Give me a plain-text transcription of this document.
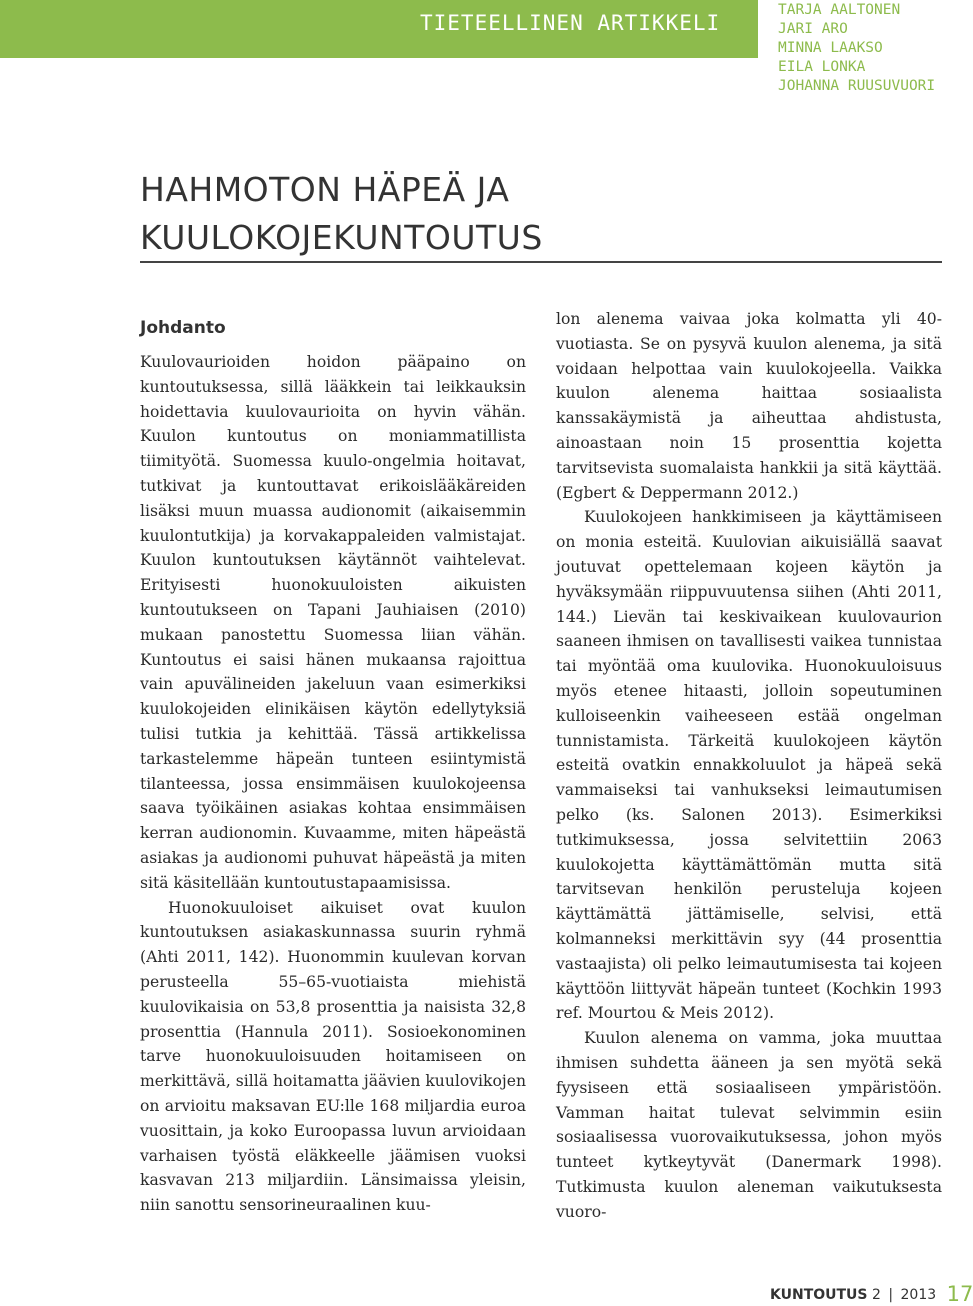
TIETEELLINEN ARTIKKELI
TARJA AALTONEN
JARI ARO
MINNA LAAKSO
EILA LONKA
JOHANNA RUUSUVUORI
HAHMOTON HÄPEÄ JA
KUULOKOJEKUNTOUTUS
Johdanto

Kuulovaurioiden hoidon pääpaino on kuntoutuksessa, sillä lääkkein tai leikkauksin hoidettavia kuulovaurioita on hyvin vähän. Kuulon kuntoutus on moniammatillista tiimityötä. Suomessa kuulo-ongelmia hoitavat, tutkivat ja kuntouttavat erikoislääkäreiden lisäksi muun muassa audionomit (aikaisemmin kuulontutkija) ja korvakappaleiden valmistajat. Kuulon kuntoutuksen käytännöt vaihtelevat. Erityisesti huonokuuloisten aikuisten kuntoutukseen on Tapani Jauhiaisen (2010) mukaan panostettu Suomessa liian vähän. Kuntoutus ei saisi hänen mukaansa rajoittua vain apuvälineiden jakeluun vaan esimerkiksi kuulokojeiden elinikäisen käytön edellytyksiä tulisi tutkia ja kehittää. Tässä artikkelissa tarkastelemme häpeän tunteen esiintymistä tilanteessa, jossa ensimmäisen kuulokojeensa saava työikäinen asiakas kohtaa ensimmäisen kerran audionomin. Kuvaamme, miten häpeästä asiakas ja audionomi puhuvat häpeästä ja miten sitä käsitellään kuntoutustapaamisissa.

Huonokuuloiset aikuiset ovat kuulon kuntoutuksen asiakaskunnassa suurin ryhmä (Ahti 2011, 142). Huonommin kuulevan korvan perusteella 55–65-vuotiaista miehistä kuulovikaisia on 53,8 prosenttia ja naisista 32,8 prosenttia (Hannula 2011). Sosioekonominen tarve huonokuuloisuuden hoitamiseen on merkittävä, sillä hoitamatta jäävien kuulovikojen on arvioitu maksavan EU:lle 168 miljardia euroa vuosittain, ja koko Euroopassa luvun arvioidaan varhaisen työstä eläkkeelle jäämisen vuoksi kasvavan 213 miljardiin. Länsimaissa yleisin, niin sanottu sensorineuraalinen kuu-

lon alenema vaivaa joka kolmatta yli 40-vuotiasta. Se on pysyvä kuulon alenema, ja sitä voidaan helpottaa vain kuulokojeella. Vaikka kuulon alenema haittaa sosiaalista kanssakäymistä ja aiheuttaa ahdistusta, ainoastaan noin 15 prosenttia kojetta tarvitsevista suomalaista hankkii ja sitä käyttää. (Egbert & Deppermann 2012.)

Kuulokojeen hankkimiseen ja käyttämiseen on monia esteitä. Kuulovian aikuisiällä saavat joutuvat opettelemaan kojeen käytön ja hyväksymään riippuvuutensa siihen (Ahti 2011, 144.) Lievän tai keskivaikean kuulovaurion saaneen ihmisen on tavallisesti vaikea tunnistaa tai myöntää oma kuulovika. Huonokuuloisuus myös etenee hitaasti, jolloin sopeutuminen kulloiseenkin vaiheeseen estää ongelman tunnistamista. Tärkeitä kuulokojeen käytön esteitä ovatkin ennakkoluulot ja häpeä sekä vammaiseksi tai vanhukseksi leimautumisen pelko (ks. Salonen 2013). Esimerkiksi tutkimuksessa, jossa selvitettiin 2063 kuulokojetta käyttämättömän mutta sitä tarvitsevan henkilön perusteluja kojeen käyttämättä jättämiselle, selvisi, että kolmanneksi merkittävin syy (44 prosenttia vastaajista) oli pelko leimautumisesta tai kojeen käyttöön liittyvät häpeän tunteet (Kochkin 1993 ref. Mourtou & Meis 2012).

Kuulon alenema on vamma, joka muuttaa ihmisen suhdetta ääneen ja sen myötä sekä fyysiseen että sosiaaliseen ympäristöön. Vamman haitat tulevat selvimmin esiin sosiaalisessa vuorovaikutuksessa, johon myös tunteet kytkeytyvät (Danermark 1998). Tutkimusta kuulon aleneman vaikutuksesta vuoro-

KUNTOUTUS 2 | 2013 17
